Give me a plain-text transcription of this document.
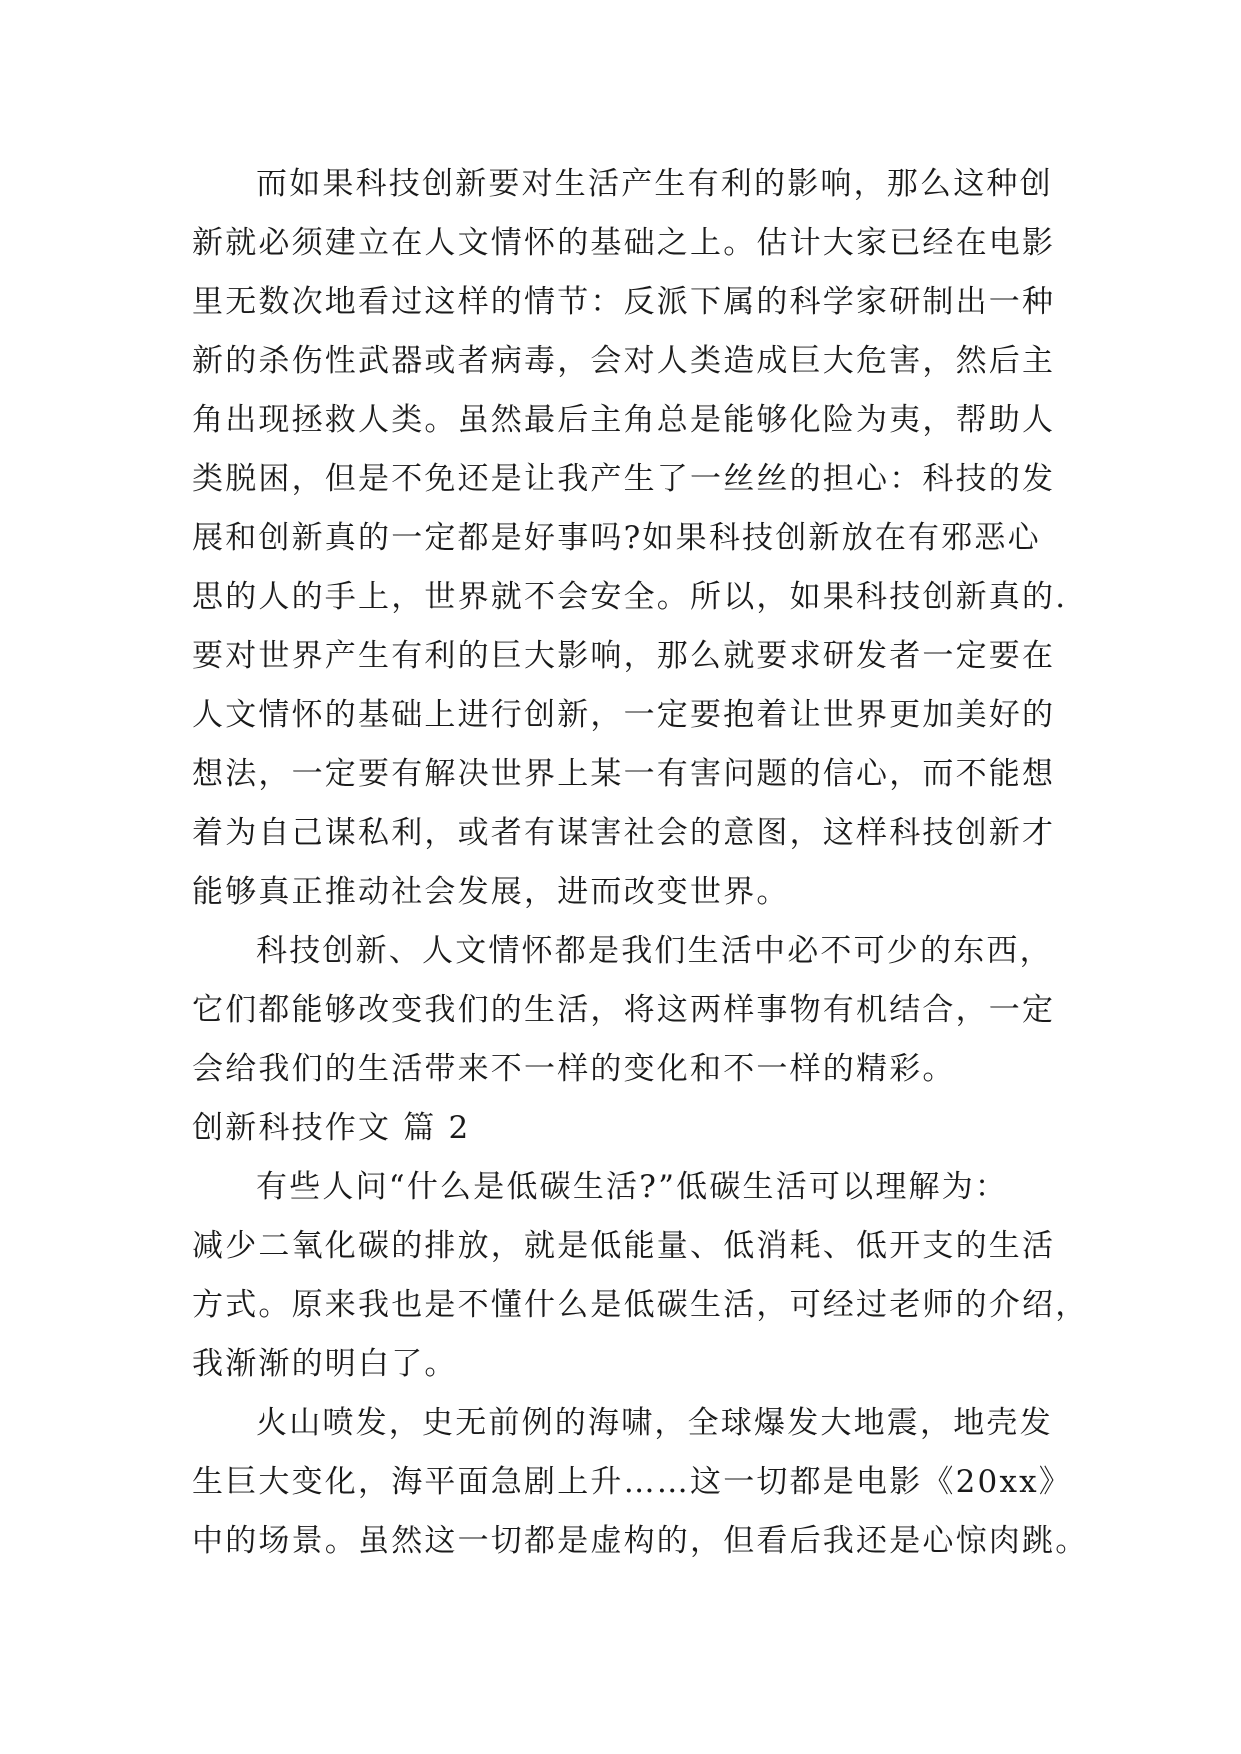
而如果科技创新要对生活产生有利的影响，那么这种创
新就必须建立在人文情怀的基础之上。估计大家已经在电影
里无数次地看过这样的情节：反派下属的科学家研制出一种
新的杀伤性武器或者病毒，会对人类造成巨大危害，然后主
角出现拯救人类。虽然最后主角总是能够化险为夷，帮助人
类脱困，但是不免还是让我产生了一丝丝的担心：科技的发
展和创新真的一定都是好事吗?如果科技创新放在有邪恶心
思的人的手上，世界就不会安全。所以，如果科技创新真的.
要对世界产生有利的巨大影响，那么就要求研发者一定要在
人文情怀的基础上进行创新，一定要抱着让世界更加美好的
想法，一定要有解决世界上某一有害问题的信心，而不能想
着为自己谋私利，或者有谋害社会的意图，这样科技创新才
能够真正推动社会发展，进而改变世界。
科技创新、人文情怀都是我们生活中必不可少的东西，
它们都能够改变我们的生活，将这两样事物有机结合，一定
会给我们的生活带来不一样的变化和不一样的精彩。
创新科技作文 篇 2
有些人问“什么是低碳生活?”低碳生活可以理解为：
减少二氧化碳的排放，就是低能量、低消耗、低开支的生活
方式。原来我也是不懂什么是低碳生活，可经过老师的介绍，
我渐渐的明白了。
火山喷发，史无前例的海啸，全球爆发大地震，地壳发
生巨大变化，海平面急剧上升……这一切都是电影《20xx》
中的场景。虽然这一切都是虚构的，但看后我还是心惊肉跳。
